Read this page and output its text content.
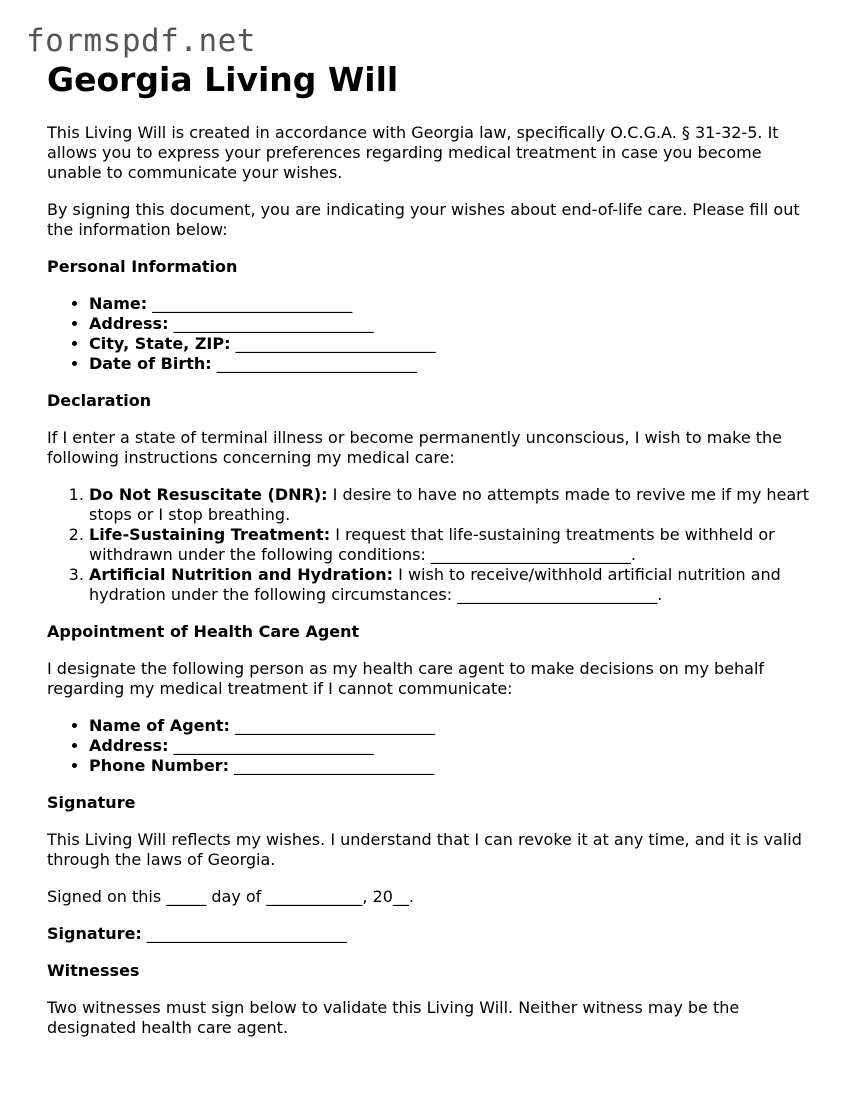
formspdf.net
Georgia Living Will

This Living Will is created in accordance with Georgia law, specifically O.C.G.A. § 31-32-5. It allows you to express your preferences regarding medical treatment in case you become unable to communicate your wishes.

By signing this document, you are indicating your wishes about end-of-life care. Please fill out the information below:

Personal Information
• Name: _________________________
• Address: _________________________
• City, State, ZIP: _________________________
• Date of Birth: _________________________
Declaration

If I enter a state of terminal illness or become permanently unconscious, I wish to make the following instructions concerning my medical care:

1. Do Not Resuscitate (DNR): I desire to have no attempts made to revive me if my heart stops or I stop breathing.
2. Life-Sustaining Treatment: I request that life-sustaining treatments be withheld or withdrawn under the following conditions: _________________________.
3. Artificial Nutrition and Hydration: I wish to receive/withhold artificial nutrition and hydration under the following circumstances: _________________________.
Appointment of Health Care Agent

I designate the following person as my health care agent to make decisions on my behalf regarding my medical treatment if I cannot communicate:

• Name of Agent: _________________________
• Address: _________________________
• Phone Number: _________________________
Signature

This Living Will reflects my wishes. I understand that I can revoke it at any time, and it is valid through the laws of Georgia.

Signed on this _____ day of ____________, 20__.

Signature: _________________________

Witnesses

Two witnesses must sign below to validate this Living Will. Neither witness may be the designated health care agent.
